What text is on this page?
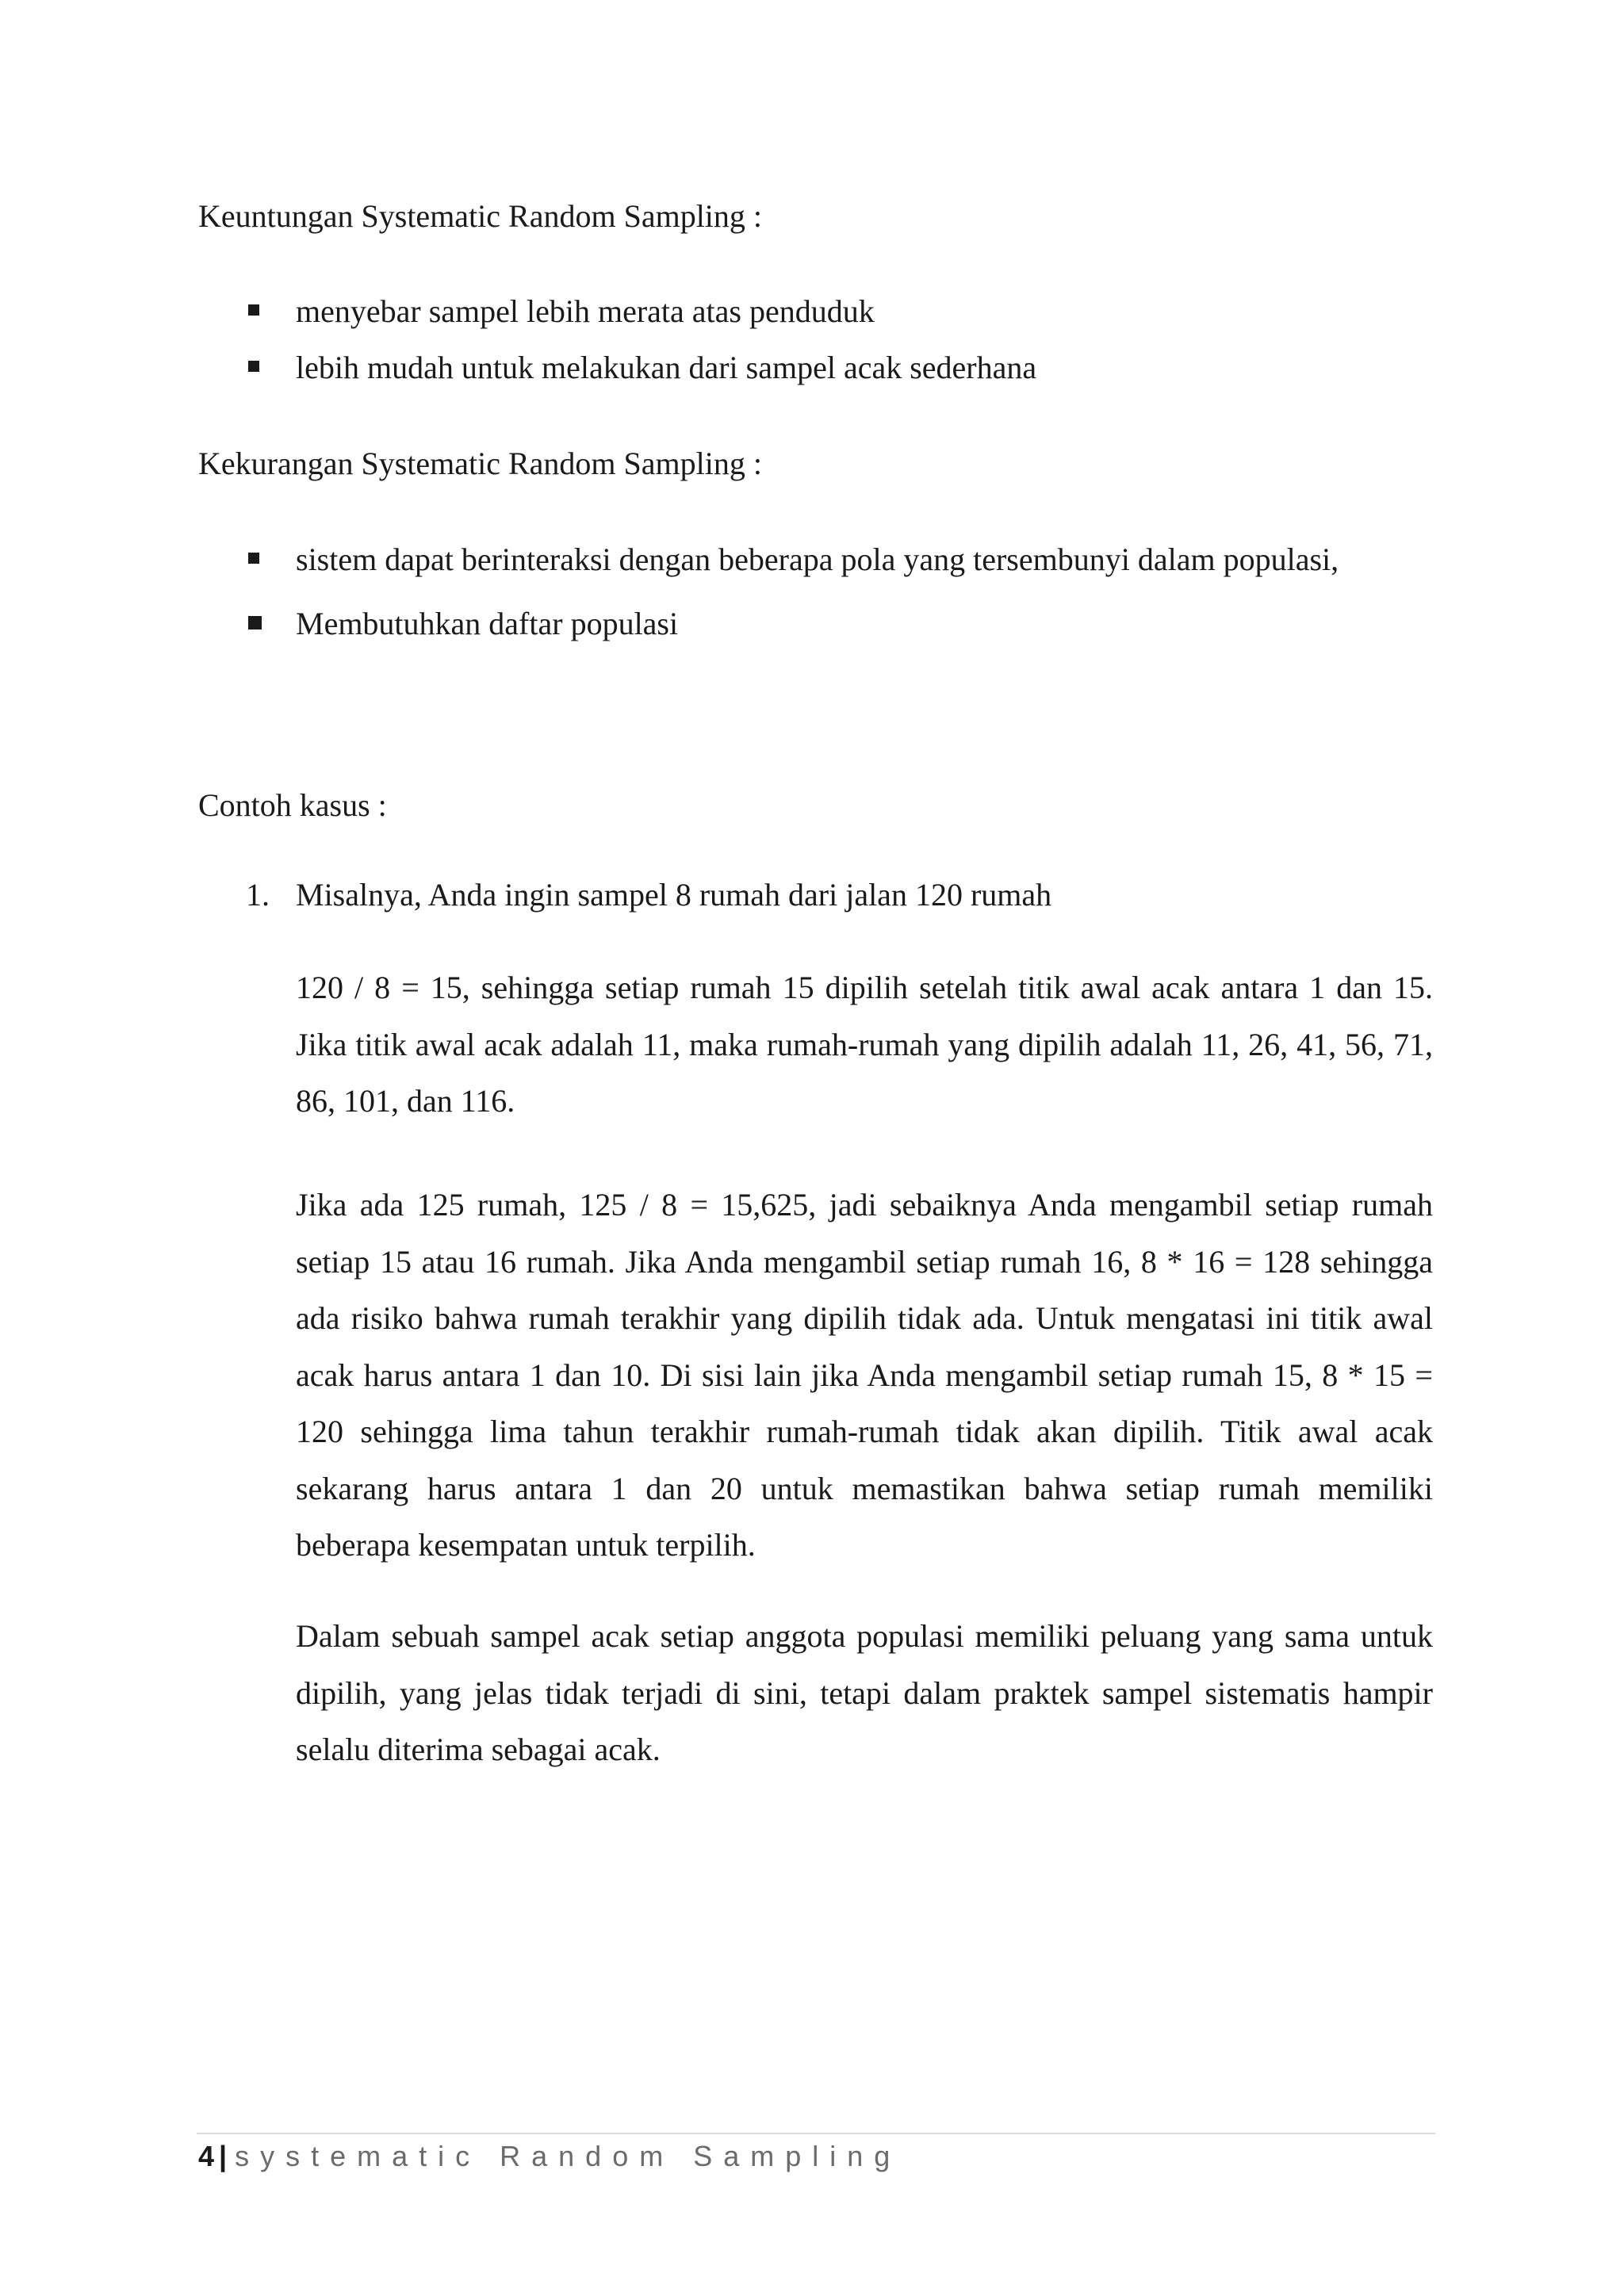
Keuntungan Systematic Random Sampling :
menyebar sampel lebih merata atas penduduk
lebih mudah untuk melakukan dari sampel acak sederhana
Kekurangan Systematic Random Sampling :
sistem dapat berinteraksi dengan beberapa pola yang tersembunyi dalam populasi,
Membutuhkan daftar populasi
Contoh kasus :
1. Misalnya, Anda ingin sampel 8 rumah dari jalan 120 rumah

120 / 8 = 15, sehingga setiap rumah 15 dipilih setelah titik awal acak antara 1 dan 15. Jika titik awal acak adalah 11, maka rumah-rumah yang dipilih adalah 11, 26, 41, 56, 71, 86, 101, dan 116.

Jika ada 125 rumah, 125 / 8 = 15,625, jadi sebaiknya Anda mengambil setiap rumah setiap 15 atau 16 rumah. Jika Anda mengambil setiap rumah 16, 8 * 16 = 128 sehingga ada risiko bahwa rumah terakhir yang dipilih tidak ada. Untuk mengatasi ini titik awal acak harus antara 1 dan 10. Di sisi lain jika Anda mengambil setiap rumah 15, 8 * 15 = 120 sehingga lima tahun terakhir rumah-rumah tidak akan dipilih. Titik awal acak sekarang harus antara 1 dan 20 untuk memastikan bahwa setiap rumah memiliki beberapa kesempatan untuk terpilih.

Dalam sebuah sampel acak setiap anggota populasi memiliki peluang yang sama untuk dipilih, yang jelas tidak terjadi di sini, tetapi dalam praktek sampel sistematis hampir selalu diterima sebagai acak.

4 | systematic Random Sampling
